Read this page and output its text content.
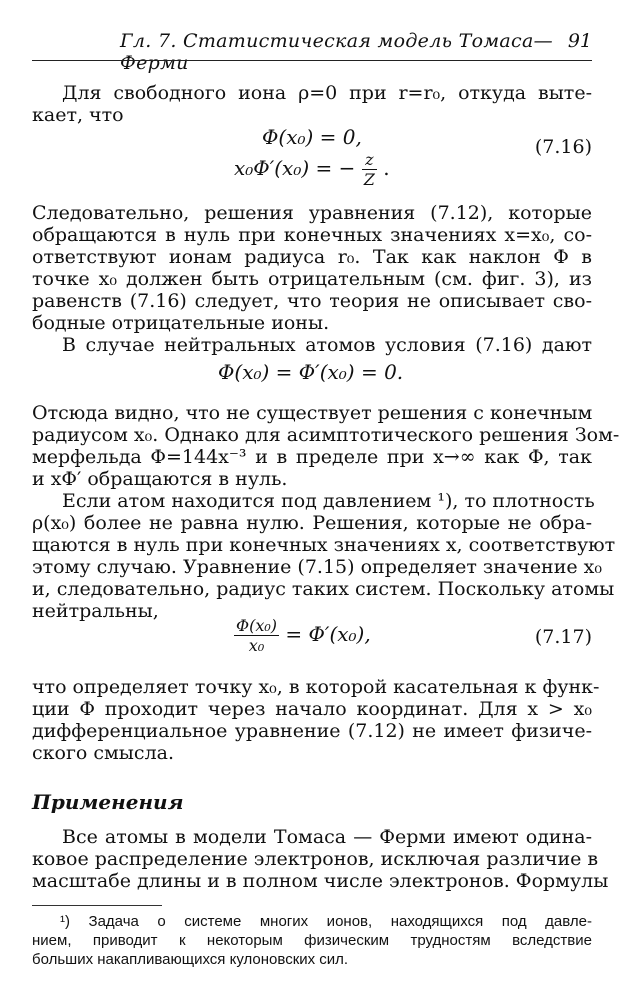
Гл. 7. Статистическая модель Томаса—Ферми
91
Для свободного иона ρ=0 при r=r₀, откуда выте-
кает, что
Φ(x₀) = 0,
x₀Φ′(x₀) = − $\frac{z}{Z}$ .
(7.16)
Следовательно, решения уравнения (7.12), которые
обращаются в нуль при конечных значениях x=x₀, со-
ответствуют ионам радиуса r₀. Так как наклон Φ в
точке x₀ должен быть отрицательным (см. фиг. 3), из
равенств (7.16) следует, что теория не описывает сво-
бодные отрицательные ионы.
В случае нейтральных атомов условия (7.16) дают
Φ(x₀) = Φ′(x₀) = 0.
Отсюда видно, что не существует решения с конечным
радиусом x₀. Однако для асимптотического решения Зом-
мерфельда Φ=144x⁻³ и в пределе при x→∞ как Φ, так
и xΦ′ обращаются в нуль.
Если атом находится под давлением ¹), то плотность
ρ(x₀) более не равна нулю. Решения, которые не обра-
щаются в нуль при конечных значениях x, соответствуют
этому случаю. Уравнение (7.15) определяет значение x₀
и, следовательно, радиус таких систем. Поскольку атомы
нейтральны,
$\frac{\text{Φ(x₀)}}{\text{x₀}} = \Phi'(x_0)$,	(7.17)
что определяет точку x₀, в которой касательная к функ-
ции Φ проходит через начало координат. Для x > x₀
дифференциальное уравнение (7.12) не имеет физиче-
ского смысла.
Применения
Все атомы в модели Томаса — Ферми имеют одина-
ковое распределение электронов, исключая различие в
масштабе длины и в полном числе электронов. Формулы
¹) Задача о системе многих ионов, находящихся под давле-
нием, приводит к некоторым физическим трудностям вследствие
больших накапливающихся кулоновских сил.
